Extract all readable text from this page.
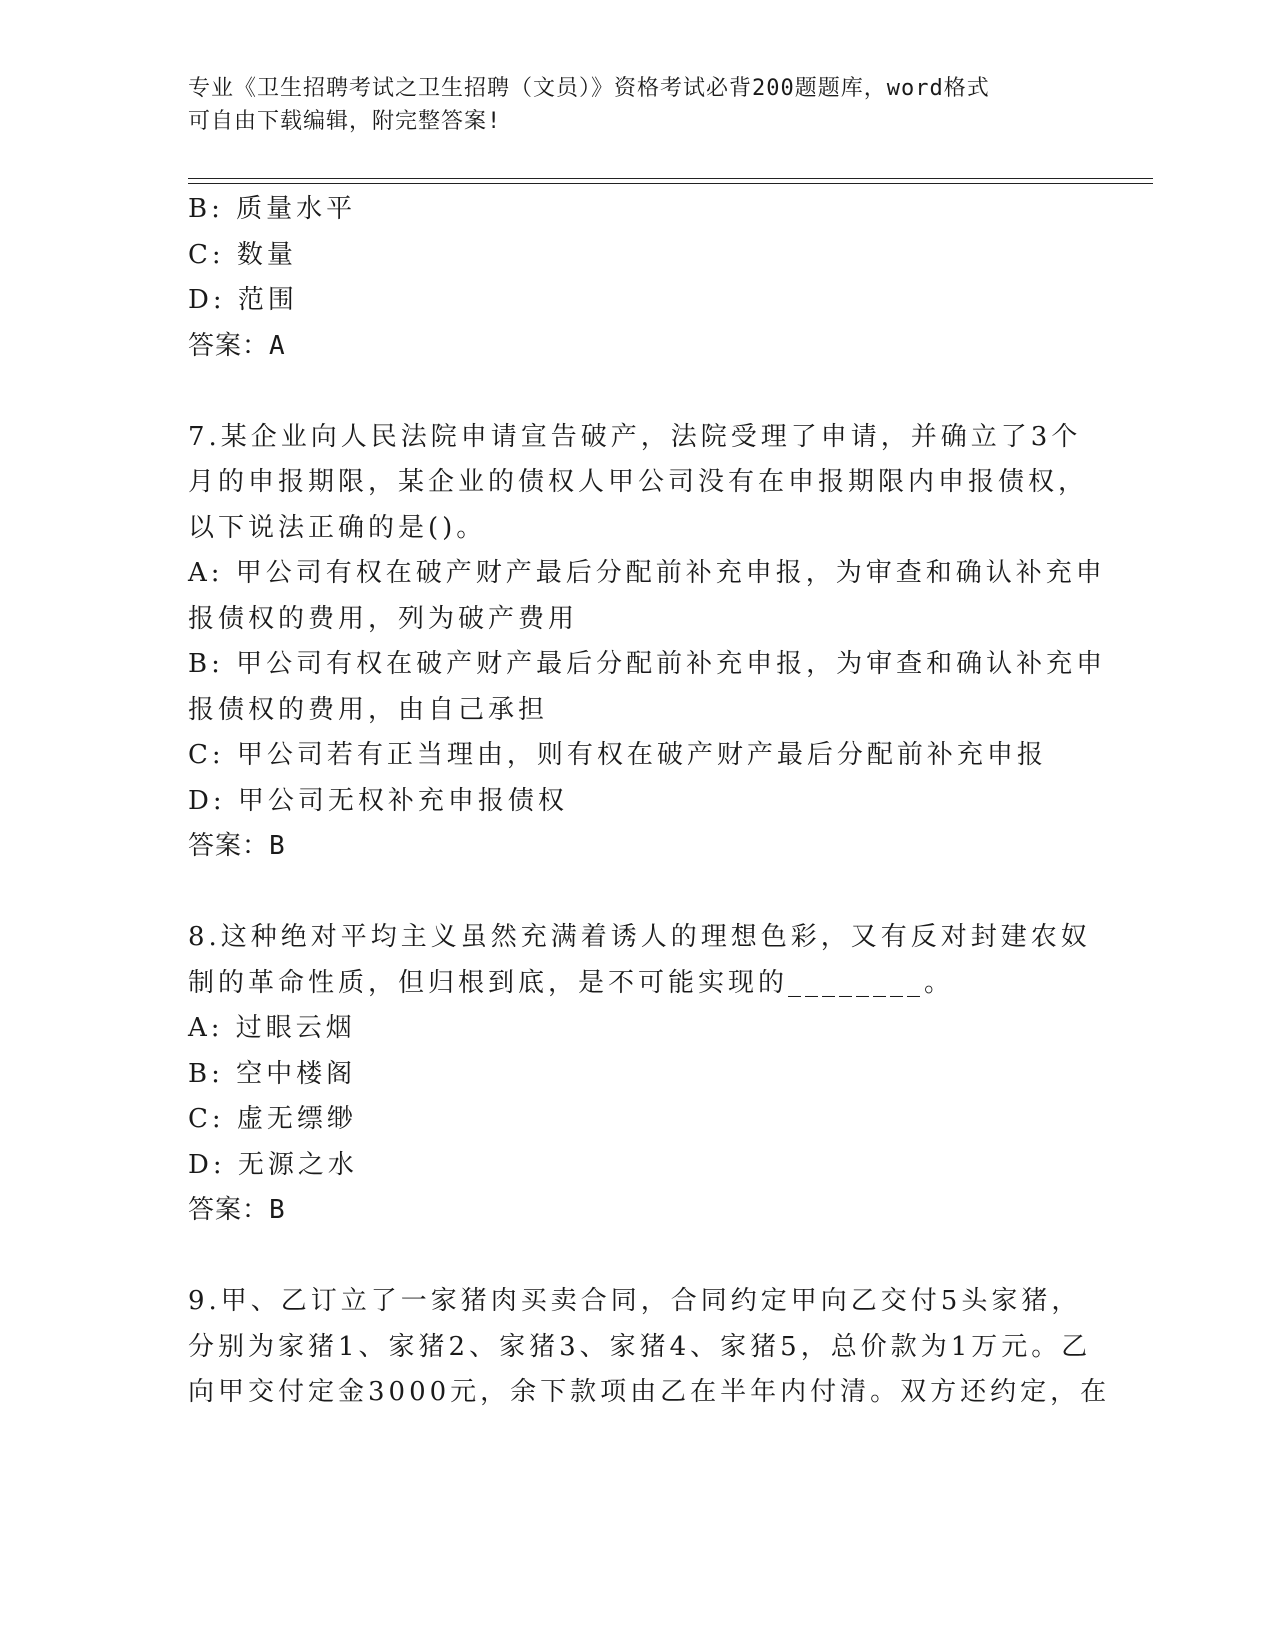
专业《卫生招聘考试之卫生招聘（文员）》资格考试必背200题题库，word格式
可自由下载编辑，附完整答案!
B: 质量水平
C: 数量
D: 范围
答案：A
7.某企业向人民法院申请宣告破产，法院受理了申请，并确立了3个
月的申报期限，某企业的债权人甲公司没有在申报期限内申报债权，
以下说法正确的是()。
A: 甲公司有权在破产财产最后分配前补充申报，为审查和确认补充申
报债权的费用，列为破产费用
B: 甲公司有权在破产财产最后分配前补充申报，为审查和确认补充申
报债权的费用，由自己承担
C: 甲公司若有正当理由，则有权在破产财产最后分配前补充申报
D: 甲公司无权补充申报债权
答案：B
8.这种绝对平均主义虽然充满着诱人的理想色彩，又有反对封建农奴
制的革命性质，但归根到底，是不可能实现的________。
A: 过眼云烟
B: 空中楼阁
C: 虚无缥缈
D: 无源之水
答案：B
9.甲、乙订立了一家猪肉买卖合同，合同约定甲向乙交付5头家猪，
分别为家猪1、家猪2、家猪3、家猪4、家猪5，总价款为1万元。乙
向甲交付定金3000元，余下款项由乙在半年内付清。双方还约定，在
